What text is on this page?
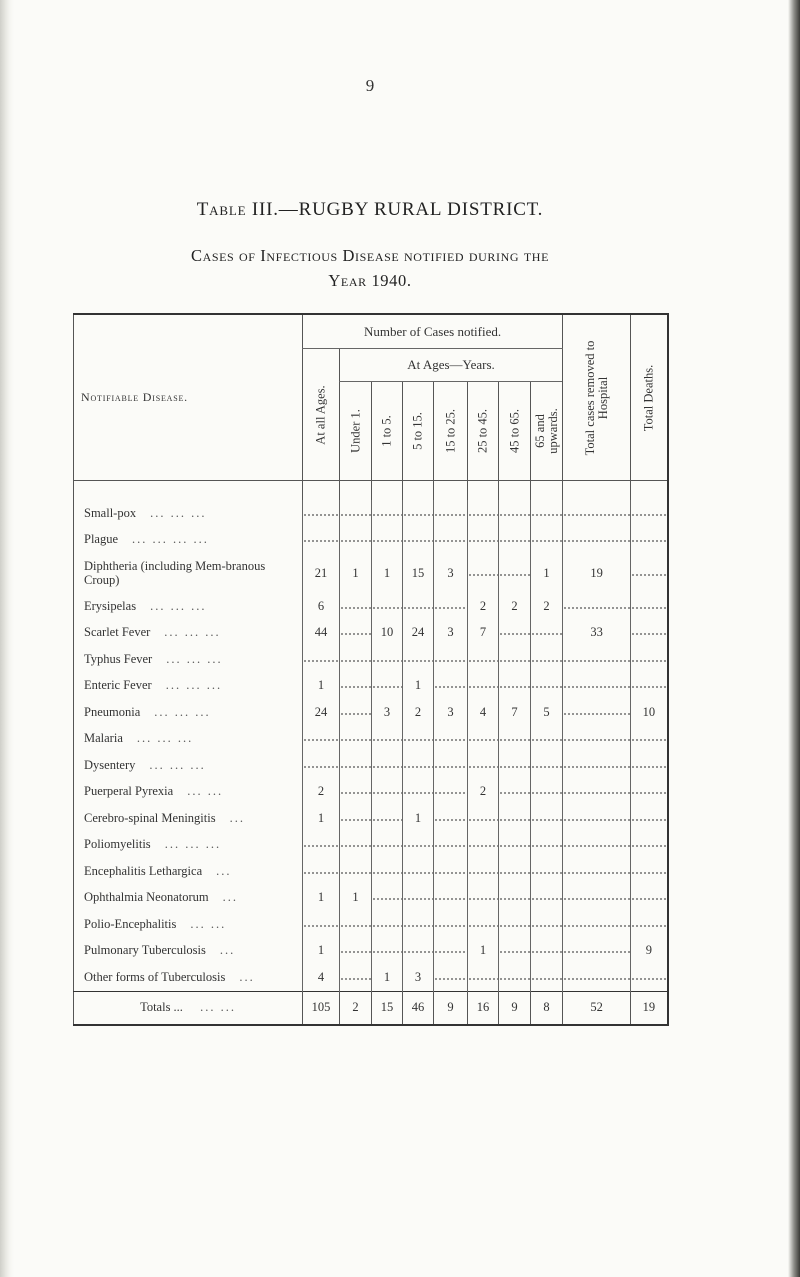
9
Table III.—RUGBY RURAL DISTRICT.
Cases of Infectious Disease notified during the
Year 1940.
Notifiable Disease.	Number of Cases notified.								Total cases removed to Hospital	Total Deaths.

	At all Ages.	At Ages—Years.								

		Under 1.	1 to 5.	5 to 15.	15 to 25.	25 to 45.	45 to 65.	65 and upwards.		

Small-pox ... ... ...										
Plague ... ... ... ...										
Diphtheria (including Mem-branous Croup)	21	1	1	15	3			1	19	
Erysipelas ... ... ...	6					2	2	2		
Scarlet Fever ... ... ...	44		10	24	3	7			33	
Typhus Fever ... ... ...										
Enteric Fever ... ... ...	1			1						
Pneumonia ... ... ...	24		3	2	3	4	7	5		10
Malaria ... ... ...										
Dysentery ... ... ...										
Puerperal Pyrexia ... ...	2					2				
Cerebro-spinal Meningitis ...	1			1						
Poliomyelitis ... ... ...										
Encephalitis Lethargica ...										
Ophthalmia Neonatorum ...	1	1								
Polio-Encephalitis ... ...										
Pulmonary Tuberculosis ...	1					1				9
Other forms of Tuberculosis ...	4		1	3						
Totals ... ... ...	105	2	15	46	9	16	9	8	52	19
